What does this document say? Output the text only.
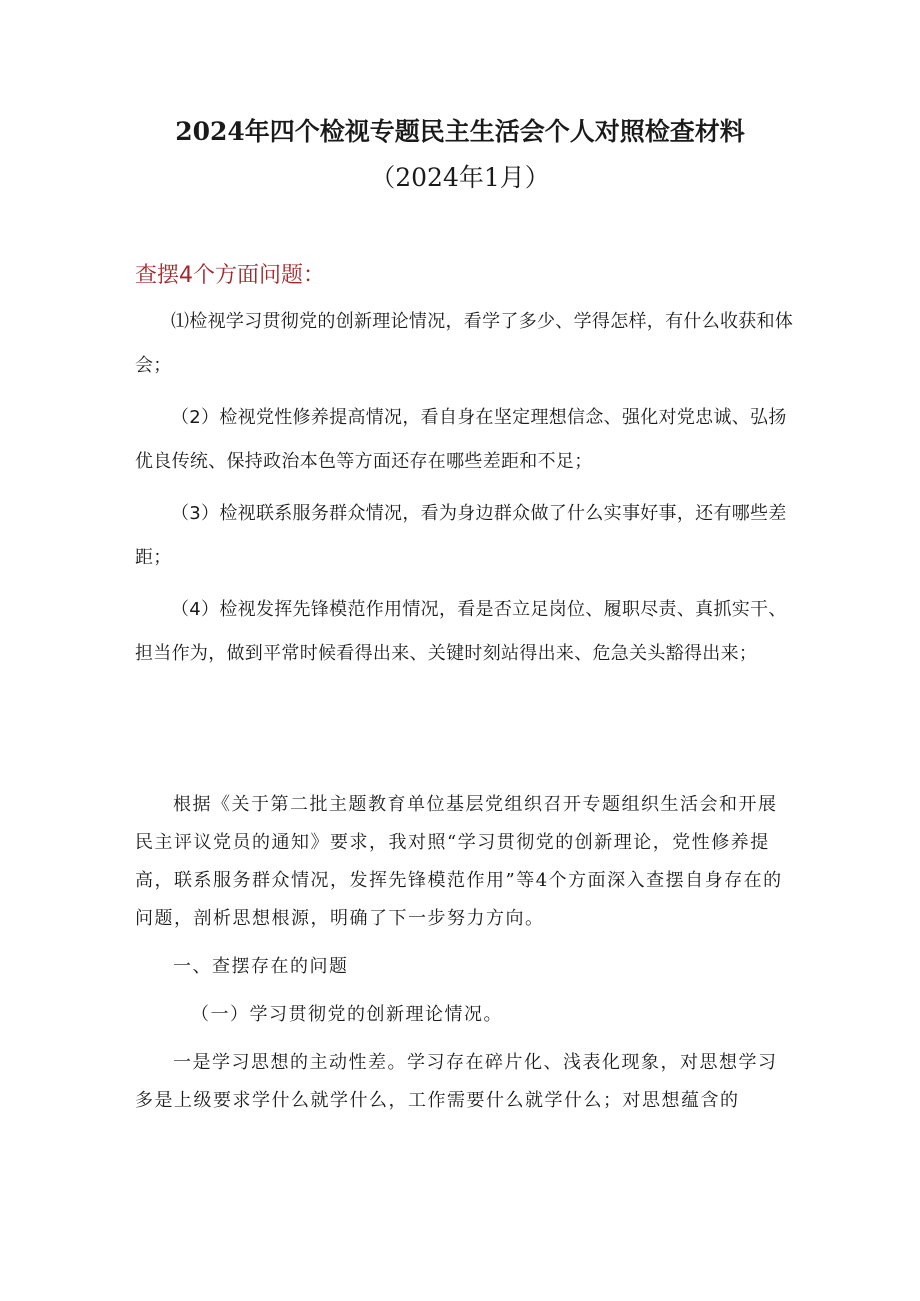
2024年四个检视专题民主生活会个人对照检查材料
（2024年1月）
查摆4个方面问题：

⑴检视学习贯彻党的创新理论情况，看学了多少、学得怎样，有什么收获和体会；

（2）检视党性修养提高情况，看自身在坚定理想信念、强化对党忠诚、弘扬优良传统、保持政治本色等方面还存在哪些差距和不足；

（3）检视联系服务群众情况，看为身边群众做了什么实事好事，还有哪些差距；

（4）检视发挥先锋模范作用情况，看是否立足岗位、履职尽责、真抓实干、担当作为，做到平常时候看得出来、关键时刻站得出来、危急关头豁得出来；

根据《关于第二批主题教育单位基层党组织召开专题组织生活会和开展民主评议党员的通知》要求，我对照“学习贯彻党的创新理论，党性修养提高，联系服务群众情况，发挥先锋模范作用”等4个方面深入查摆自身存在的问题，剖析思想根源，明确了下一步努力方向。

一、查摆存在的问题

（一）学习贯彻党的创新理论情况。

一是学习思想的主动性差。学习存在碎片化、浅表化现象，对思想学习多是上级要求学什么就学什么，工作需要什么就学什么；对思想蕴含的
